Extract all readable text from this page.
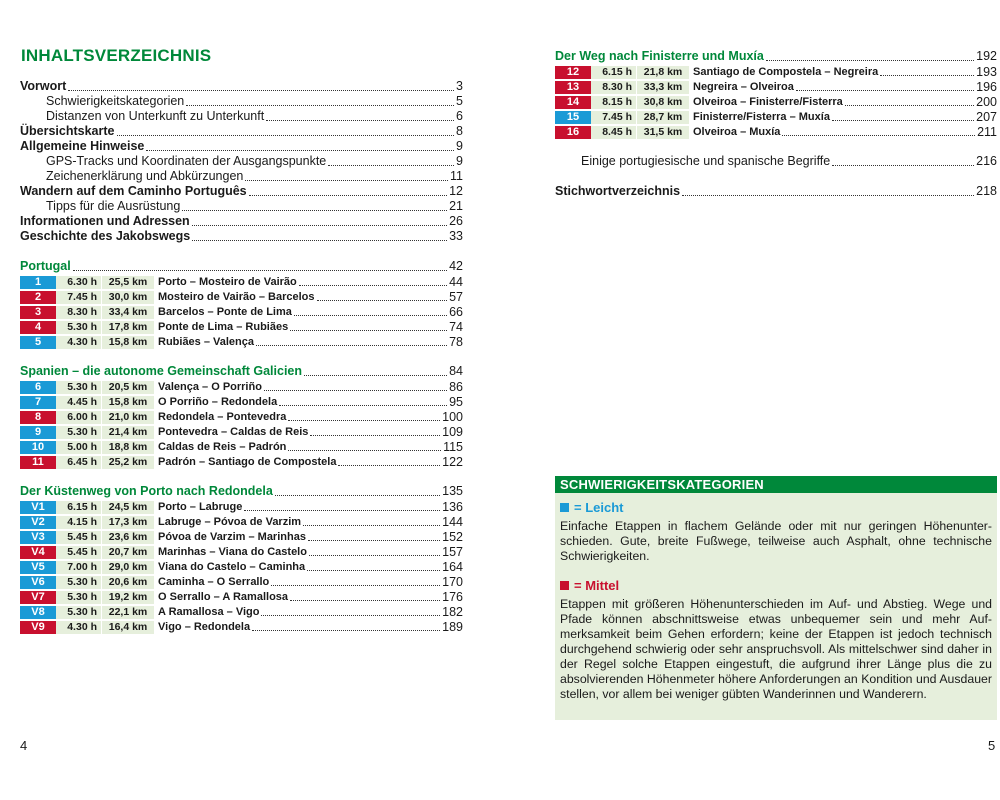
INHALTSVERZEICHNIS
Vorwort	3
Schwierigkeitskategorien	5
Distanzen von Unterkunft zu Unterkunft	6
Übersichtskarte	8
Allgemeine Hinweise	9
GPS-Tracks und Koordinaten der Ausgangspunkte	9
Zeichenerklärung und Abkürzungen	11
Wandern auf dem Caminho Português	12
Tipps für die Ausrüstung	21
Informationen und Adressen	26
Geschichte des Jakobswegs	33
Portugal	42
1	6.30 h	25,5 km Porto – Mosteiro de Vairão	44
2	7.45 h	30,0 km Mosteiro de Vairão – Barcelos	57
3	8.30 h	33,4 km Barcelos – Ponte de Lima	66
4	5.30 h	17,8 km Ponte de Lima – Rubiães	74
5	4.30 h	15,8 km Rubiães – Valença	78
Spanien – die autonome Gemeinschaft Galicien	84
6	5.30 h	20,5 km Valença – O Porriño	86
7	4.45 h	15,8 km O Porriño – Redondela	95
8	6.00 h	21,0 km Redondela – Pontevedra	100
9	5.30 h	21,4 km Pontevedra – Caldas de Reis	109
10	5.00 h	18,8 km Caldas de Reis – Padrón	115
11	6.45 h	25,2 km Padrón – Santiago de Compostela	122
Der Küstenweg von Porto nach Redondela	135
V1	6.15 h	24,5 km Porto – Labruge	136
V2	4.15 h	17,3 km Labruge – Póvoa de Varzim	144
V3	5.45 h	23,6 km Póvoa de Varzim – Marinhas	152
V4	5.45 h	20,7 km Marinhas – Viana do Castelo	157
V5	7.00 h	29,0 km Viana do Castelo – Caminha	164
V6	5.30 h	20,6 km Caminha – O Serrallo	170
V7	5.30 h	19,2 km O Serrallo – A Ramallosa	176
V8	5.30 h	22,1 km A Ramallosa – Vigo	182
V9	4.30 h	16,4 km Vigo – Redondela	189
Der Weg nach Finisterre und Muxía	192
12	6.15 h	21,8 km Santiago de Compostela – Negreira	193
13	8.30 h	33,3 km Negreira – Olveiroa	196
14	8.15 h	30,8 km Olveiroa – Finisterre/Fisterra	200
15	7.45 h	28,7 km Finisterre/Fisterra – Muxía	207
16	8.45 h	31,5 km Olveiroa – Muxía	211
Einige portugiesische und spanische Begriffe	216
Stichwortverzeichnis	218
SCHWIERIGKEITSKATEGORIEN
= Leicht
Einfache Etappen in flachem Gelände oder mit nur geringen Höhenunterschieden. Gute, breite Fußwege, teilweise auch Asphalt, ohne technische Schwierigkeiten.
= Mittel
Etappen mit größeren Höhenunterschieden im Auf- und Abstieg. Wege und Pfade können abschnittsweise etwas unbequemer sein und mehr Aufmerksamkeit beim Gehen erfordern; keine der Etappen ist jedoch technisch durchgehend schwierig oder sehr anspruchsvoll. Als mittelschwer sind daher in der Regel solche Etappen eingestuft, die aufgrund ihrer Länge plus die zu absolvierenden Höhenmeter höhere Anforderungen an Kondition und Ausdauer stellen, vor allem bei weniger gübten Wanderinnen und Wanderern.
4	5
